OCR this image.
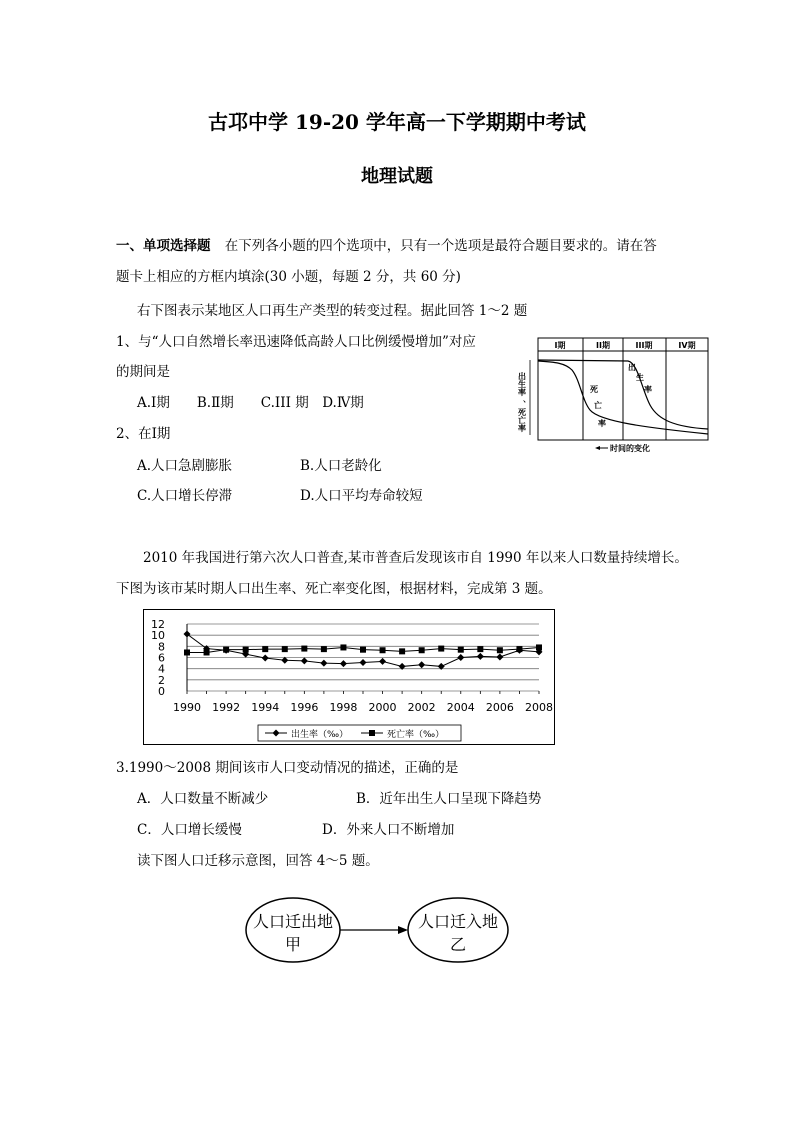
古邛中学 19-20 学年高一下学期期中考试
地理试题
一、单项选择题 在下列各小题的四个选项中，只有一个选项是最符合题目要求的。请在答
题卡上相应的方框内填涂(30 小题，每题 2 分，共 60 分)
右下图表示某地区人口再生产类型的转变过程。据此回答 1～2 题
1、与“人口自然增长率迅速降低高龄人口比例缓慢增加”对应
的期间是
A.Ⅰ期　　B.Ⅱ期　　C.III 期　D.Ⅳ期
2、在Ⅰ期
A.人口急剧膨胀	B.人口老龄化
C.人口增长停滞	D.人口平均寿命较短
I期	II期	III期	IV期
出生率
、死亡率
死
亡
率
出
生
率
时间的变化
2010 年我国进行第六次人口普查,某市普查后发现该市自 1990 年以来人口数量持续增长。
下图为该市某时期人口出生率、死亡率变化图，根据材料，完成第 3 题。
0
2
4
6
8
10
12
1990 1992 1994 1996 1998 2000 2002 2004 2006 2008
出生率（‰）	死亡率（‰）
3.1990～2008 期间该市人口变动情况的描述，正确的是
A．人口数量不断减少	B．近年出生人口呈现下降趋势
C．人口增长缓慢	D．外来人口不断增加
读下图人口迁移示意图，回答 4～5 题。
人口迁出地
甲
人口迁入地
乙
